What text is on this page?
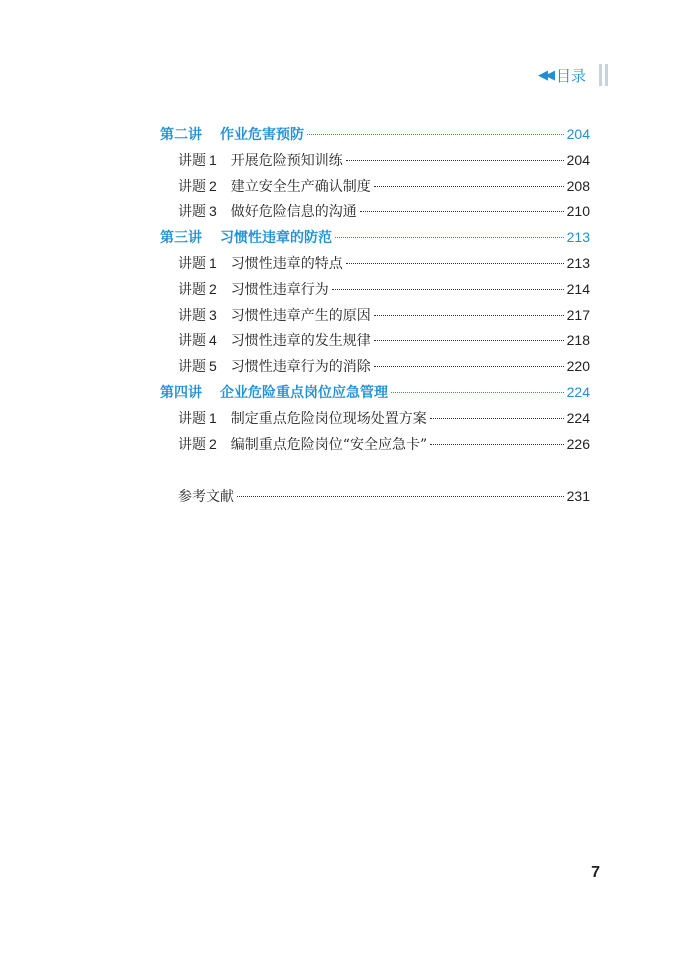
◀◀ 目录
第二讲 作业危害预防	204
讲题 1 开展危险预知训练	204
讲题 2 建立安全生产确认制度	208
讲题 3 做好危险信息的沟通	210
第三讲 习惯性违章的防范	213
讲题 1 习惯性违章的特点	213
讲题 2 习惯性违章行为	214
讲题 3 习惯性违章产生的原因	217
讲题 4 习惯性违章的发生规律	218
讲题 5 习惯性违章行为的消除	220
第四讲 企业危险重点岗位应急管理	224
讲题 1 制定重点危险岗位现场处置方案	224
讲题 2 编制重点危险岗位“安全应急卡”	226
参考文献	231
7
